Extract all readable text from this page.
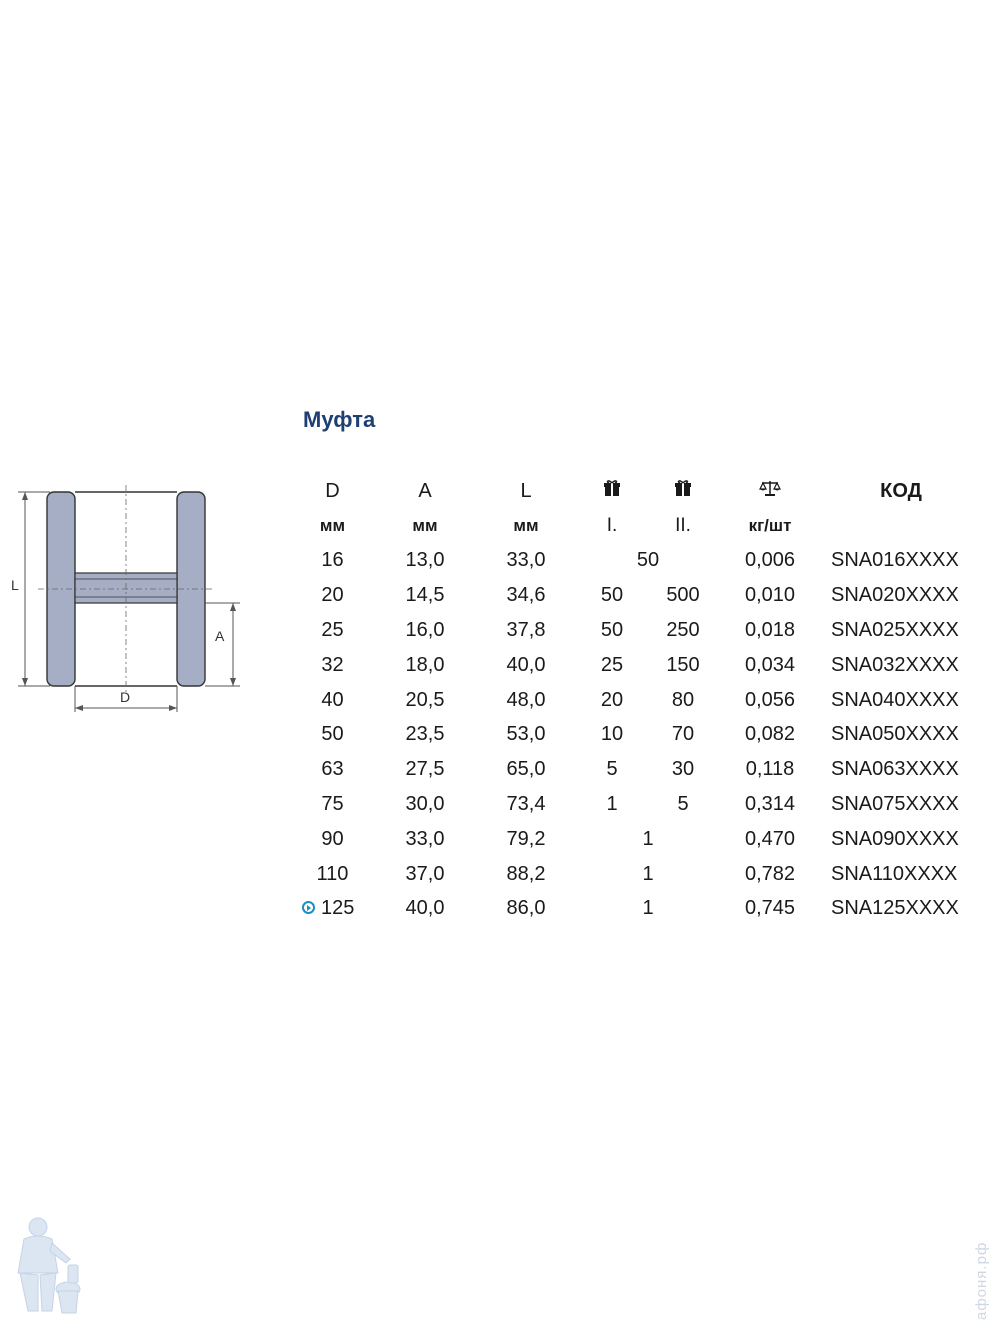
Муфта
L
A
D
D	A	L				КОД
мм	мм	мм	I.	II.	кг/шт	
16	13,0	33,0	50		0,006	SNA016XXXX
20	14,5	34,6	50	500	0,010	SNA020XXXX
25	16,0	37,8	50	250	0,018	SNA025XXXX
32	18,0	40,0	25	150	0,034	SNA032XXXX
40	20,5	48,0	20	80	0,056	SNA040XXXX
50	23,5	53,0	10	70	0,082	SNA050XXXX
63	27,5	65,0	5	30	0,118	SNA063XXXX
75	30,0	73,4	1	5	0,314	SNA075XXXX
90	33,0	79,2	1		0,470	SNA090XXXX
110	37,0	88,2	1		0,782	SNA110XXXX
125	40,0	86,0	1		0,745	SNA125XXXX
афоня.рф
